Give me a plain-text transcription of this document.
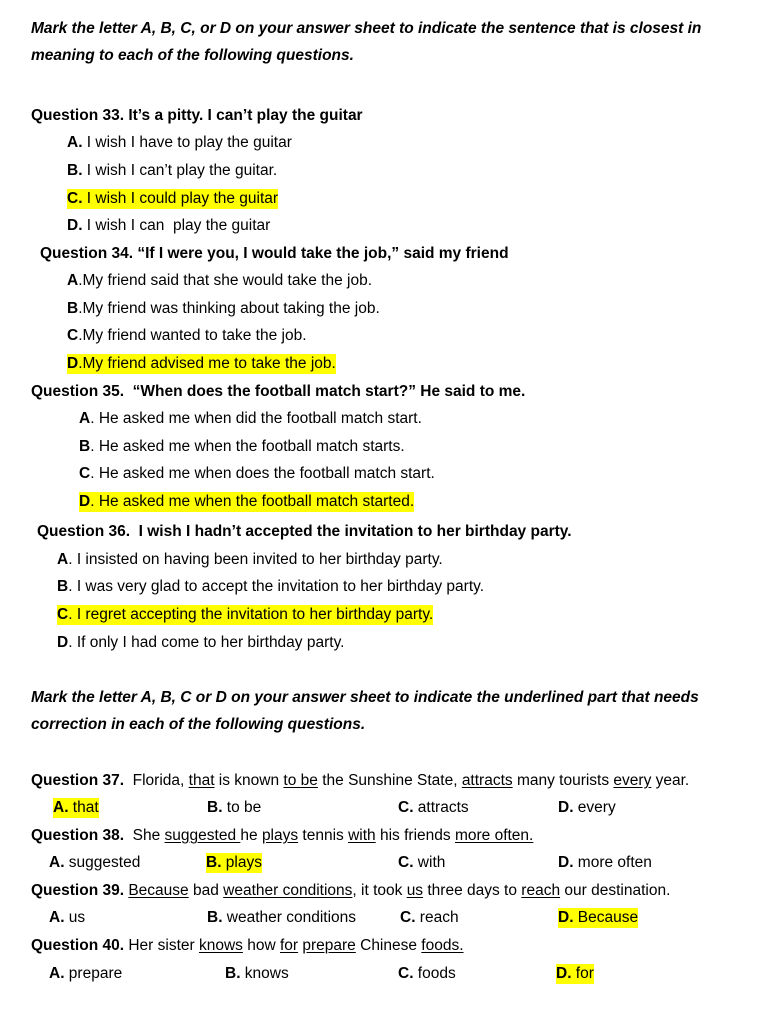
Mark the letter A, B, C, or D on your answer sheet to indicate the sentence that is closest in meaning to each of the following questions.
Question 33. It’s a pitty. I can’t play the guitar
A. I wish I have to play the guitar
B. I wish I can’t play the guitar.
C. I wish I could play the guitar
D. I wish I can  play the guitar
Question 34. “If I were you, I would take the job,” said my friend
A.My friend said that she would take the job.
B.My friend was thinking about taking the job.
C.My friend wanted to take the job.
D.My friend advised me to take the job.
Question 35.  “When does the football match start?” He said to me.
A. He asked me when did the football match start.
B. He asked me when the football match starts.
C. He asked me when does the football match start.
D. He asked me when the football match started.
Question 36.  I wish I hadn’t accepted the invitation to her birthday party.
A. I insisted on having been invited to her birthday party.
B. I was very glad to accept the invitation to her birthday party.
C. I regret accepting the invitation to her birthday party.
D. If only I had come to her birthday party.
Mark the letter A, B, C or D on your answer sheet to indicate the underlined part that needs correction in each of the following questions.
Question 37.  Florida, that is known to be the Sunshine State, attracts many tourists every year.
A. that	B. to be	C. attracts	D. every
Question 38.  She suggested he plays tennis with his friends more often.
A. suggested	B. plays	C. with	D. more often
Question 39. Because bad weather conditions, it took us three days to reach our destination.
A. us	B. weather conditions	C. reach	D. Because
Question 40. Her sister knows how for prepare Chinese foods.
A. prepare	B. knows	C. foods	D. for
